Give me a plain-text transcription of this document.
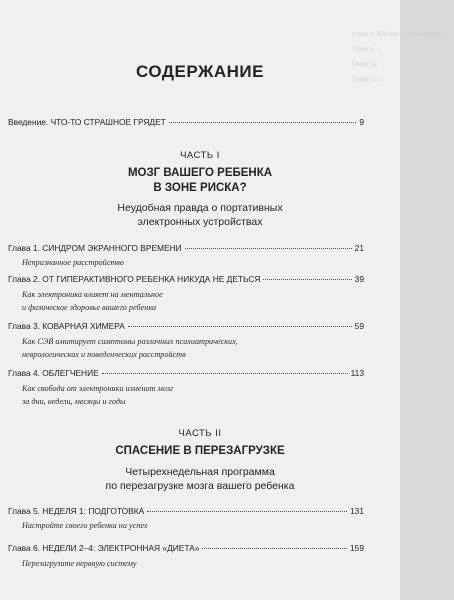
Глава 8. МАЛЫЕ И ПОДВИЖНЫЕ ...
Глава 9. ...
Глава 10. ...
Глава 11. ...
СОДЕРЖАНИЕ
Введение. ЧТО-ТО СТРАШНОЕ ГРЯДЕТ	9
ЧАСТЬ I
МОЗГ ВАШЕГО РЕБЕНКА
В ЗОНЕ РИСКА?
Неудобная правда о портативных
электронных устройствах
Глава 1. СИНДРОМ ЭКРАННОГО ВРЕМЕНИ	21
Непризнанное расстройство
Глава 2. ОТ ГИПЕРАКТИВНОГО РЕБЕНКА НИКУДА НЕ ДЕТЬСЯ	39
Как электроника влияет на ментальное
и физическое здоровье вашего ребенка
Глава 3. КОВАРНАЯ ХИМЕРА	59
Как СЭВ имитирует симптомы различных психиатрических,
неврологических и поведенческих расстройств
Глава 4. ОБЛЕГЧЕНИЕ	113
Как свобода от электроники изменит мозг
за дни, недели, месяцы и годы
ЧАСТЬ II
СПАСЕНИЕ В ПЕРЕЗАГРУЗКЕ
Четырехнедельная программа
по перезагрузке мозга вашего ребенка
Глава 5. НЕДЕЛЯ 1: ПОДГОТОВКА	131
Настройте своего ребенка на успех
Глава 6. НЕДЕЛИ 2–4: ЭЛЕКТРОННАЯ «ДИЕТА»	159
Перезагрузите нервную систему
